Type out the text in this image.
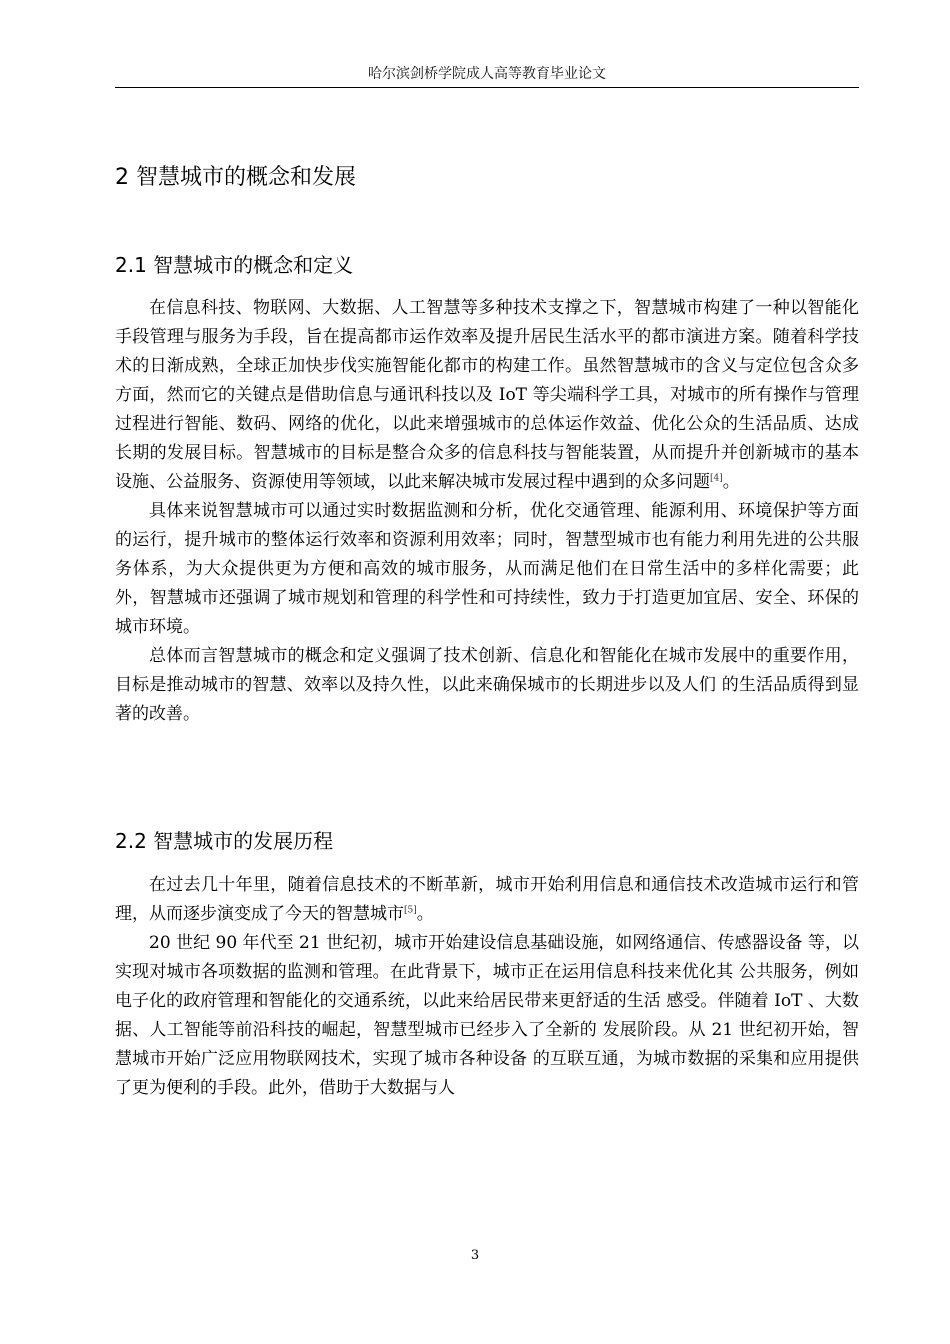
哈尔滨剑桥学院成人高等教育毕业论文
2 智慧城市的概念和发展
2.1 智慧城市的概念和定义

在信息科技、物联网、大数据、人工智慧等多种技术支撑之下，智慧城市构建了一种以智能化手段管理与服务为手段，旨在提高都市运作效率及提升居民生活水平的都市演进方案。随着科学技术的日渐成熟，全球正加快步伐实施智能化都市的构建工作。虽然智慧城市的含义与定位包含众多方面，然而它的关键点是借助信息与通讯科技以及 IoT 等尖端科学工具，对城市的所有操作与管理过程进行智能、数码、网络的优化，以此来增强城市的总体运作效益、优化公众的生活品质、达成长期的发展目标。智慧城市的目标是整合众多的信息科技与智能装置，从而提升并创新城市的基本设施、公益服务、资源使用等领域，以此来解决城市发展过程中遇到的众多问题[4]。

具体来说智慧城市可以通过实时数据监测和分析，优化交通管理、能源利用、环境保护等方面的运行，提升城市的整体运行效率和资源利用效率；同时，智慧型城市也有能力利用先进的公共服务体系，为大众提供更为方便和高效的城市服务，从而满足他们在日常生活中的多样化需要；此外，智慧城市还强调了城市规划和管理的科学性和可持续性，致力于打造更加宜居、安全、环保的城市环境。

总体而言智慧城市的概念和定义强调了技术创新、信息化和智能化在城市发展中的重要作用， 目标是推动城市的智慧、效率以及持久性，以此来确保城市的长期进步以及人们 的生活品质得到显著的改善。

2.2 智慧城市的发展历程

在过去几十年里，随着信息技术的不断革新，城市开始利用信息和通信技术改造城市运行和管理，从而逐步演变成了今天的智慧城市[5]。

20 世纪 90 年代至 21 世纪初，城市开始建设信息基础设施，如网络通信、传感器设备 等，以实现对城市各项数据的监测和管理。在此背景下，城市正在运用信息科技来优化其 公共服务，例如电子化的政府管理和智能化的交通系统，以此来给居民带来更舒适的生活 感受。伴随着 IoT 、大数据、人工智能等前沿科技的崛起，智慧型城市已经步入了全新的 发展阶段。从 21 世纪初开始，智慧城市开始广泛应用物联网技术，实现了城市各种设备 的互联互通，为城市数据的采集和应用提供了更为便利的手段。此外，借助于大数据与人

3
